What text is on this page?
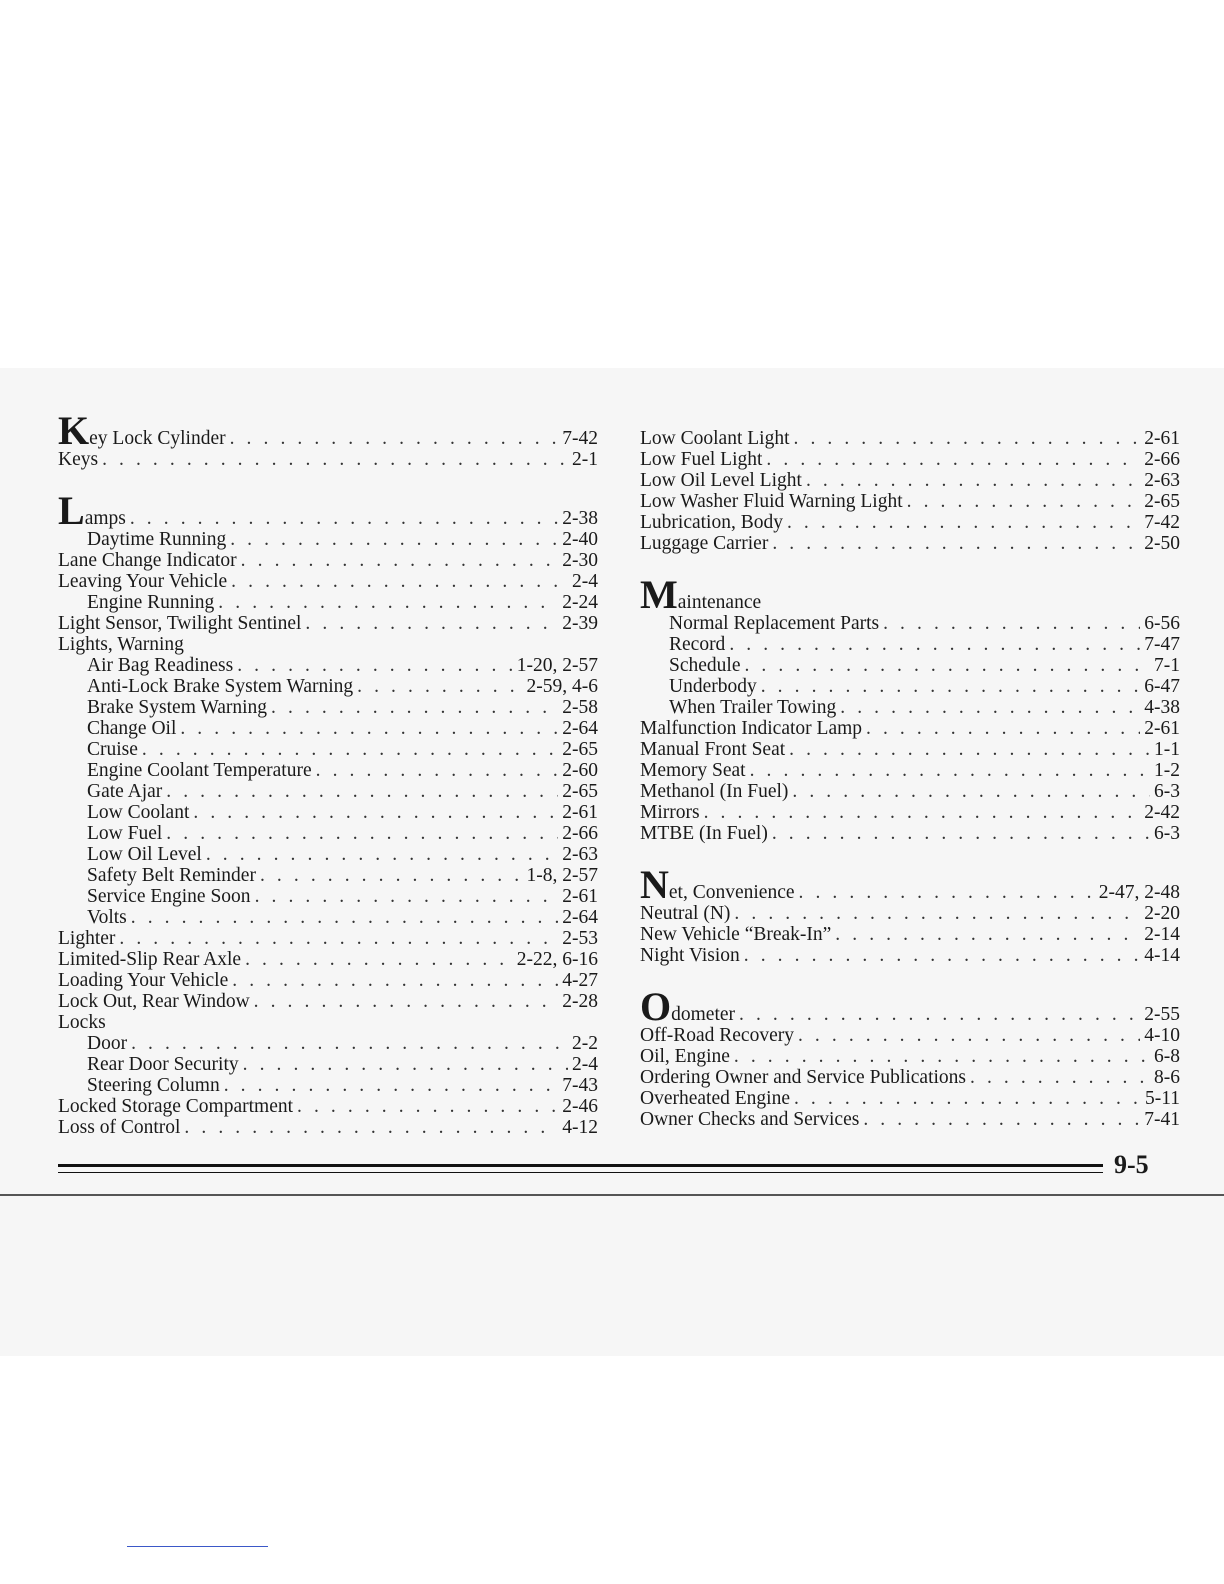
Key Lock Cylinder . . .	7-42
Keys . . .	2-1
Lamps . . .	2-38
Daytime Running . . .	2-40
Lane Change Indicator . . .	2-30
Leaving Your Vehicle . . .	2-4
Engine Running . . .	2-24
Light Sensor, Twilight Sentinel . . .	2-39
Lights, Warning
Air Bag Readiness . . .	1-20, 2-57
Anti-Lock Brake System Warning . . .	2-59, 4-6
Brake System Warning . . .	2-58
Change Oil . . .	2-64
Cruise . . .	2-65
Engine Coolant Temperature . . .	2-60
Gate Ajar . . .	2-65
Low Coolant . . .	2-61
Low Fuel . . .	2-66
Low Oil Level . . .	2-63
Safety Belt Reminder . . .	1-8, 2-57
Service Engine Soon . . .	2-61
Volts . . .	2-64
Lighter . . .	2-53
Limited-Slip Rear Axle . . .	2-22, 6-16
Loading Your Vehicle . . .	4-27
Lock Out, Rear Window . . .	2-28
Locks
Door . . .	2-2
Rear Door Security . . .	2-4
Steering Column . . .	7-43
Locked Storage Compartment . . .	2-46
Loss of Control . . .	4-12
Low Coolant Light . . .	2-61
Low Fuel Light . . .	2-66
Low Oil Level Light . . .	2-63
Low Washer Fluid Warning Light . . .	2-65
Lubrication, Body . . .	7-42
Luggage Carrier . . .	2-50
Maintenance
Normal Replacement Parts . . .	6-56
Record . . .	7-47
Schedule . . .	7-1
Underbody . . .	6-47
When Trailer Towing . . .	4-38
Malfunction Indicator Lamp . . .	2-61
Manual Front Seat . . .	1-1
Memory Seat . . .	1-2
Methanol (In Fuel) . . .	6-3
Mirrors . . .	2-42
MTBE (In Fuel) . . .	6-3
Net, Convenience . . .	2-47, 2-48
Neutral (N) . . .	2-20
New Vehicle “Break-In” . . .	2-14
Night Vision . . .	4-14
Odometer . . .	2-55
Off-Road Recovery . . .	4-10
Oil, Engine . . .	6-8
Ordering Owner and Service Publications . . .	8-6
Overheated Engine . . .	5-11
Owner Checks and Services . . .	7-41
9-5
